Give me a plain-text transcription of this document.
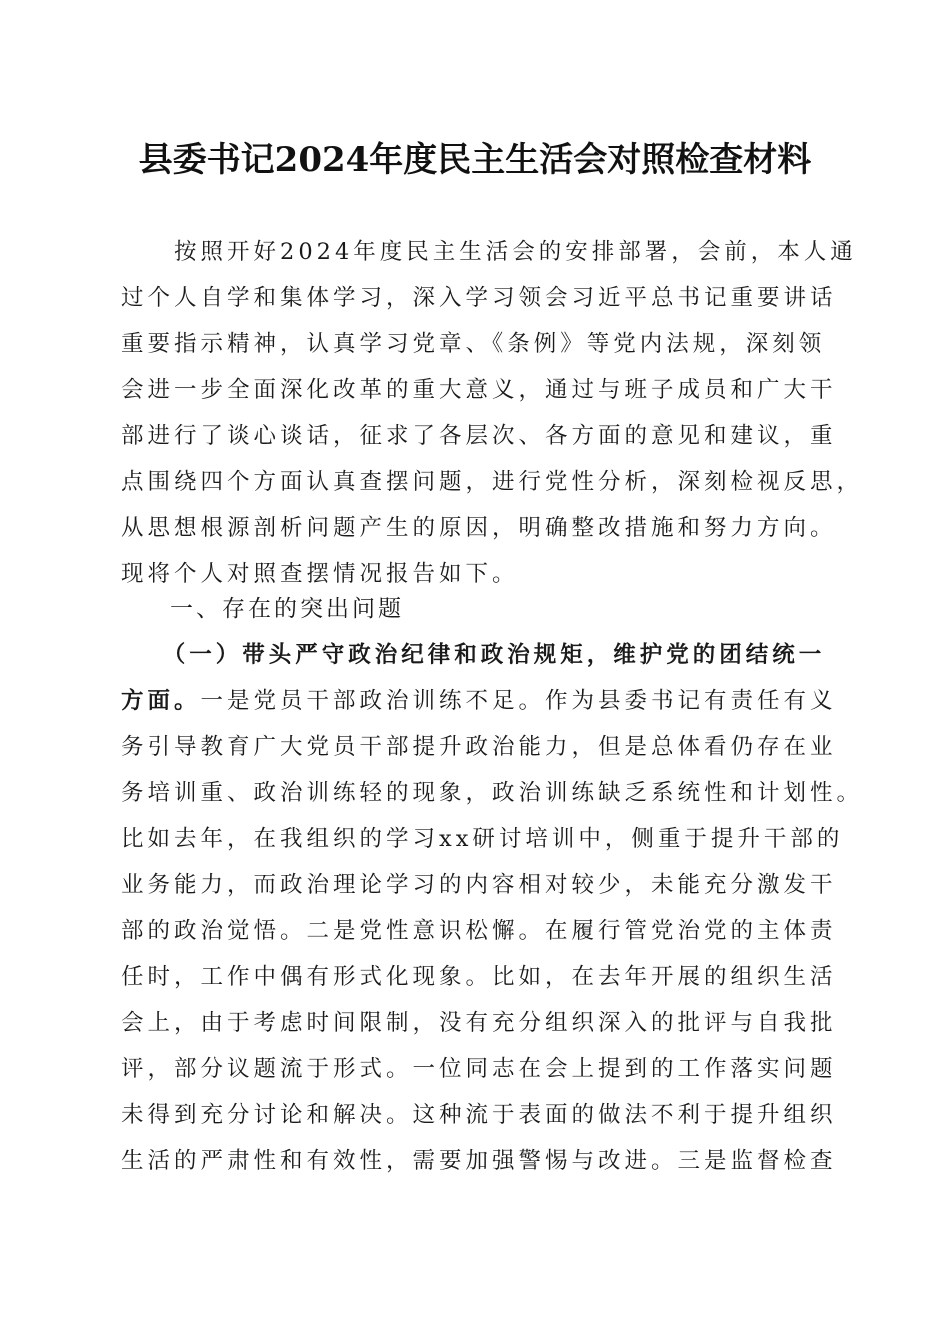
县委书记2024年度民主生活会对照检查材料
　　按照开好2024年度民主生活会的安排部署，会前，本人通
过个人自学和集体学习，深入学习领会习近平总书记重要讲话
重要指示精神，认真学习党章、《条例》等党内法规，深刻领
会进一步全面深化改革的重大意义，通过与班子成员和广大干
部进行了谈心谈话，征求了各层次、各方面的意见和建议，重
点围绕四个方面认真查摆问题，进行党性分析，深刻检视反思，
从思想根源剖析问题产生的原因，明确整改措施和努力方向。
现将个人对照查摆情况报告如下。
一、存在的突出问题
　　（一）带头严守政治纪律和政治规矩，维护党的团结统一
方面。一是党员干部政治训练不足。作为县委书记有责任有义
务引导教育广大党员干部提升政治能力，但是总体看仍存在业
务培训重、政治训练轻的现象，政治训练缺乏系统性和计划性。
比如去年，在我组织的学习xx研讨培训中，侧重于提升干部的
业务能力，而政治理论学习的内容相对较少，未能充分激发干
部的政治觉悟。二是党性意识松懈。在履行管党治党的主体责
任时，工作中偶有形式化现象。比如，在去年开展的组织生活
会上，由于考虑时间限制，没有充分组织深入的批评与自我批
评，部分议题流于形式。一位同志在会上提到的工作落实问题
未得到充分讨论和解决。这种流于表面的做法不利于提升组织
生活的严肃性和有效性，需要加强警惕与改进。三是监督检查
